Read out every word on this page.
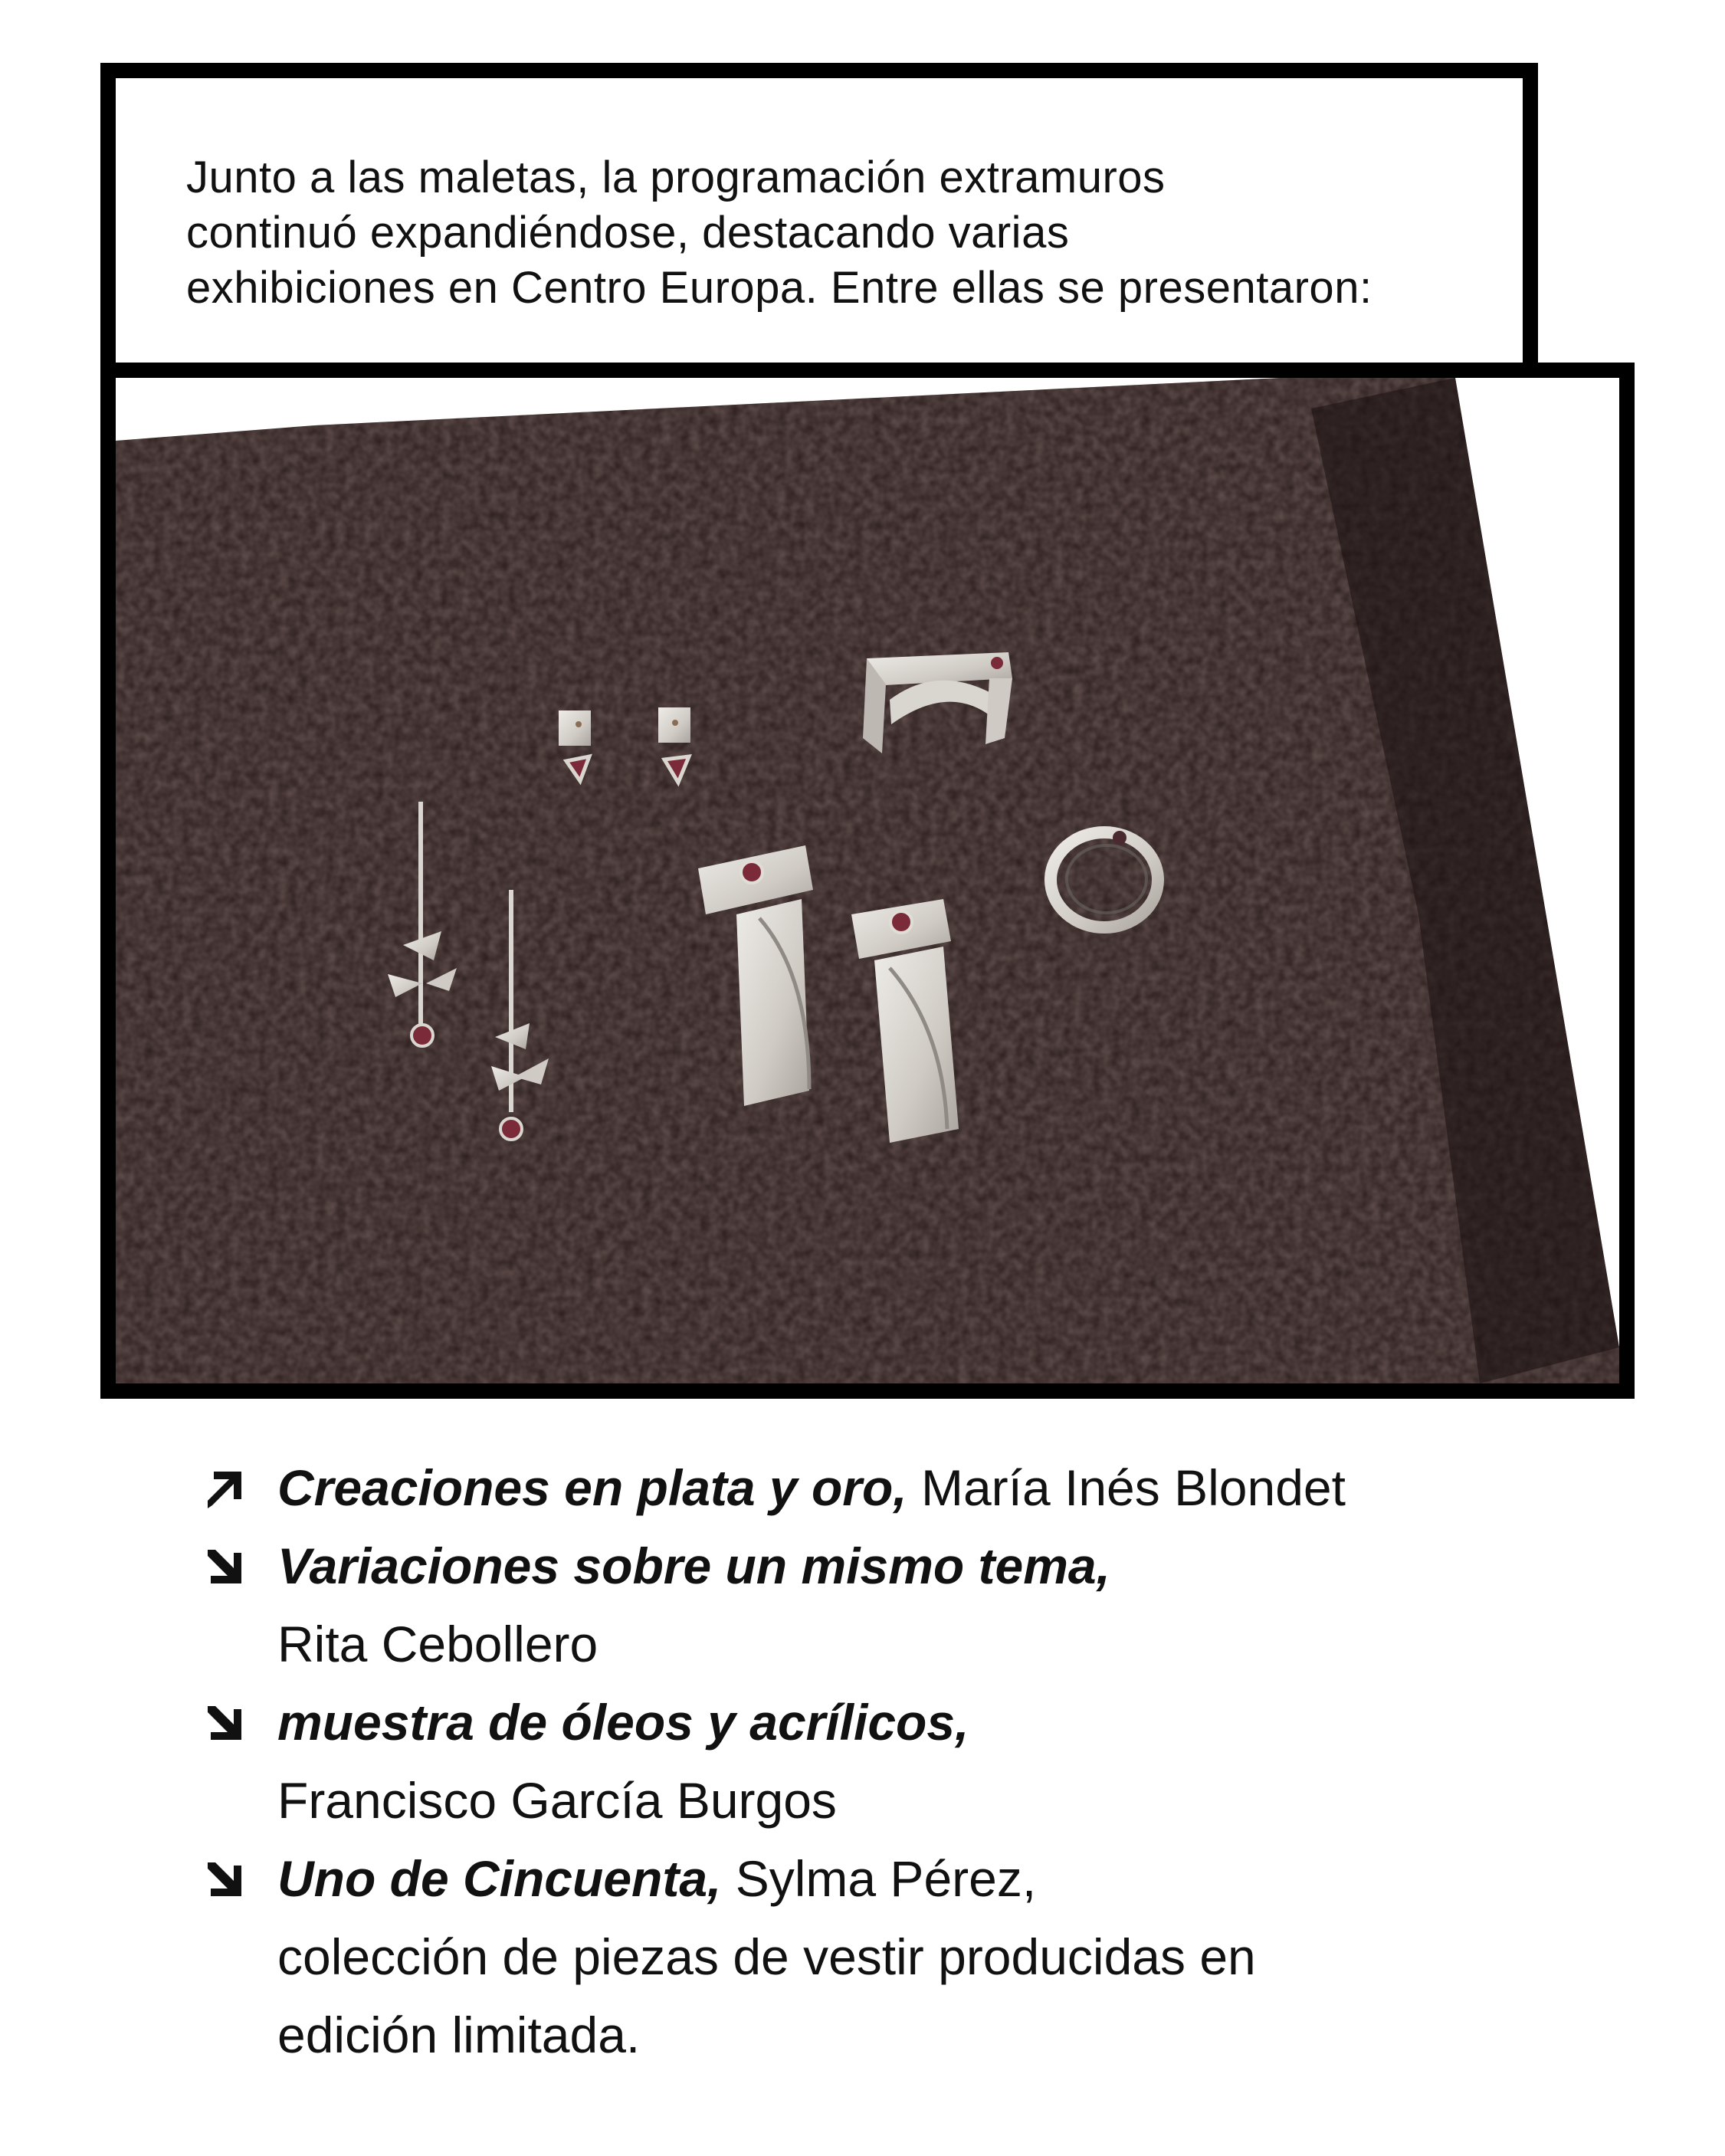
Junto a las maletas, la programación extramuros
continuó expandiéndose, destacando varias
exhibiciones en Centro Europa. Entre ellas se presentaron:

Creaciones en plata y oro, María Inés Blondet
Variaciones sobre un mismo tema,
Rita Cebollero
muestra de óleos y acrílicos,
Francisco García Burgos
Uno de Cincuenta, Sylma Pérez,
colección de piezas de vestir producidas en
edición limitada.
